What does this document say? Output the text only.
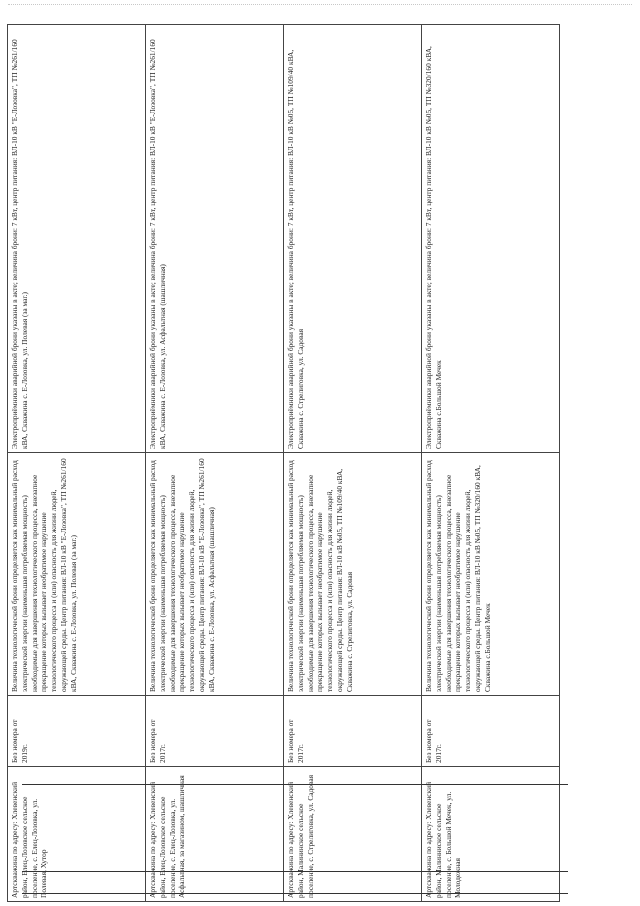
Артскважина по адресу: Хлевенский район, Елец-Лозовское сельское поселение, с. Елец-Лозовка, ул. Полевая, Хутор	Без номера от 2019г.	Величина технологической брони определяется как минимальный расход электрической энергии (наименьшая потребляемая мощность) необходимые для завершения технологического процесса, внезапное прекращение которых вызывает необратимое нарушение технологического процесса и (или) опасность для жизни людей, окружающей среды. Центр питания: ВЛ-10 кВ "Е-Лозовка", ТП №261/160 кВА, Скважина с. Е-Лозовка, ул. Полевая (за маг.)	Электроприёмники аварийной брони указаны в акте; величина брони: 7 кВт, центр питания: ВЛ-10 кВ "Е-Лозовка", ТП №261/160 кВА, Скважина с. Е-Лозовка, ул. Полевая (за маг.)
Артскважина по адресу: Хлевенский район, Елец-Лозовское сельское поселение, с. Елец-Лозовка, ул. Асфальтная, за магазином, шашличная	Без номера от 2017г.	Величина технологической брони определяется как минимальный расход электрической энергии (наименьшая потребляемая мощность) необходимые для завершения технологического процесса, внезапное прекращение которых вызывает необратимое нарушение технологического процесса и (или) опасность для жизни людей, окружающей среды. Центр питания: ВЛ-10 кВ "Е-Лозовка", ТП №261/160 кВА, Скважина с. Е-Лозовка, ул. Асфальтная (шашличная)	Электроприёмники аварийной брони указаны в акте; величина брони: 7 кВт, центр питания: ВЛ-10 кВ "Е-Лозовка", ТП №261/160 кВА, Скважина с. Е-Лозовка, ул. Асфальтная (шашличная)
Артскважина по адресу: Хлевенский район, Малининское сельское поселение, с. Стрелиговка, ул. Садовая	Без номера от 2017г.	Величина технологической брони определяется как минимальный расход электрической энергии (наименьшая потребляемая мощность) необходимые для завершения технологического процесса, внезапное прекращение которых вызывает необратимое нарушение технологического процесса и (или) опасность для жизни людей, окружающей среды. Центр питания: ВЛ-10 кВ №05, ТП №109/40 кВА, Скважина с. Стрелиговка, ул. Садовая	Электроприёмники аварийной брони указаны в акте; величина брони: 7 кВт, центр питания: ВЛ-10 кВ №05, ТП №109/40 кВА, Скважина с. Стрелиговка, ул. Садовая
Артскважина по адресу: Хлевенский район, Малинниское сельское поселение, с. Большой Мечек, ул. Молодежная	Без номера от 2017г.	Величина технологической брони определяется как минимальный расход электрической энергии (наименьшая потребляемая мощность) необходимые для завершения технологического процесса, внезапное прекращение которых вызывает необратимое нарушение технологического процесса и (или) опасность для жизни людей, окружающей среды. Центр питания: ВЛ-10 кВ №05, ТП №320/160 кВА, Скважина с.Большой Мечек	Электроприёмники аварийной брони указаны в акте; величина брони: 7 кВт, центр питания: ВЛ-10 кВ №05, ТП №320/160 кВА, Скважина с.Большой Мечек
